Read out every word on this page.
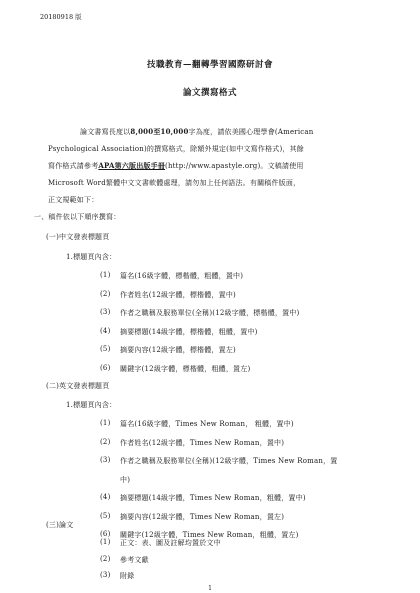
20180918 版
技職教育—翻轉學習國際研討會
論文撰寫格式
論文書寫長度以8,000至10,000字為度，請依美國心理學會(American
Psychological Association)的撰寫格式，除額外規定(如中文寫作格式)，其餘
寫作格式請參考APA第六版出版手冊(http://www.apastyle.org)。文稿請使用
Microsoft Word繁體中文文書軟體處理，請勿加上任何語法。有關稿件版面，
正文規範如下：
一、稿件依以下順序撰寫：
(一)中文發表標題頁
1.標題頁內含：
(1) 篇名(16級字體，標楷體，粗體，置中)
(2) 作者姓名(12級字體，標楷體，置中)
(3) 作者之職稱及服務單位(全稱)(12級字體，標楷體，置中)
(4) 摘要標題(14級字體，標楷體，粗體，置中)
(5) 摘要內容(12級字體，標楷體，置左)
(6) 關鍵字(12級字體，標楷體，粗體，置左)
(二)英文發表標題頁
1.標題頁內含：
(1) 篇名(16級字體，Times New Roman， 粗體，置中)
(2) 作者姓名(12級字體，Times New Roman，置中)
(3) 作者之職稱及服務單位(全稱)(12級字體，Times New Roman，置
中)
(4) 摘要標題(14級字體，Times New Roman，粗體，置中)
(5) 摘要內容(12級字體，Times New Roman，置左)
(6) 關鍵字(12級字體，Times New Roman，粗體，置左)
(三)論文
(1) 正文：表、圖及註解均置於文中
(2) 參考文獻
(3) 附錄
1
